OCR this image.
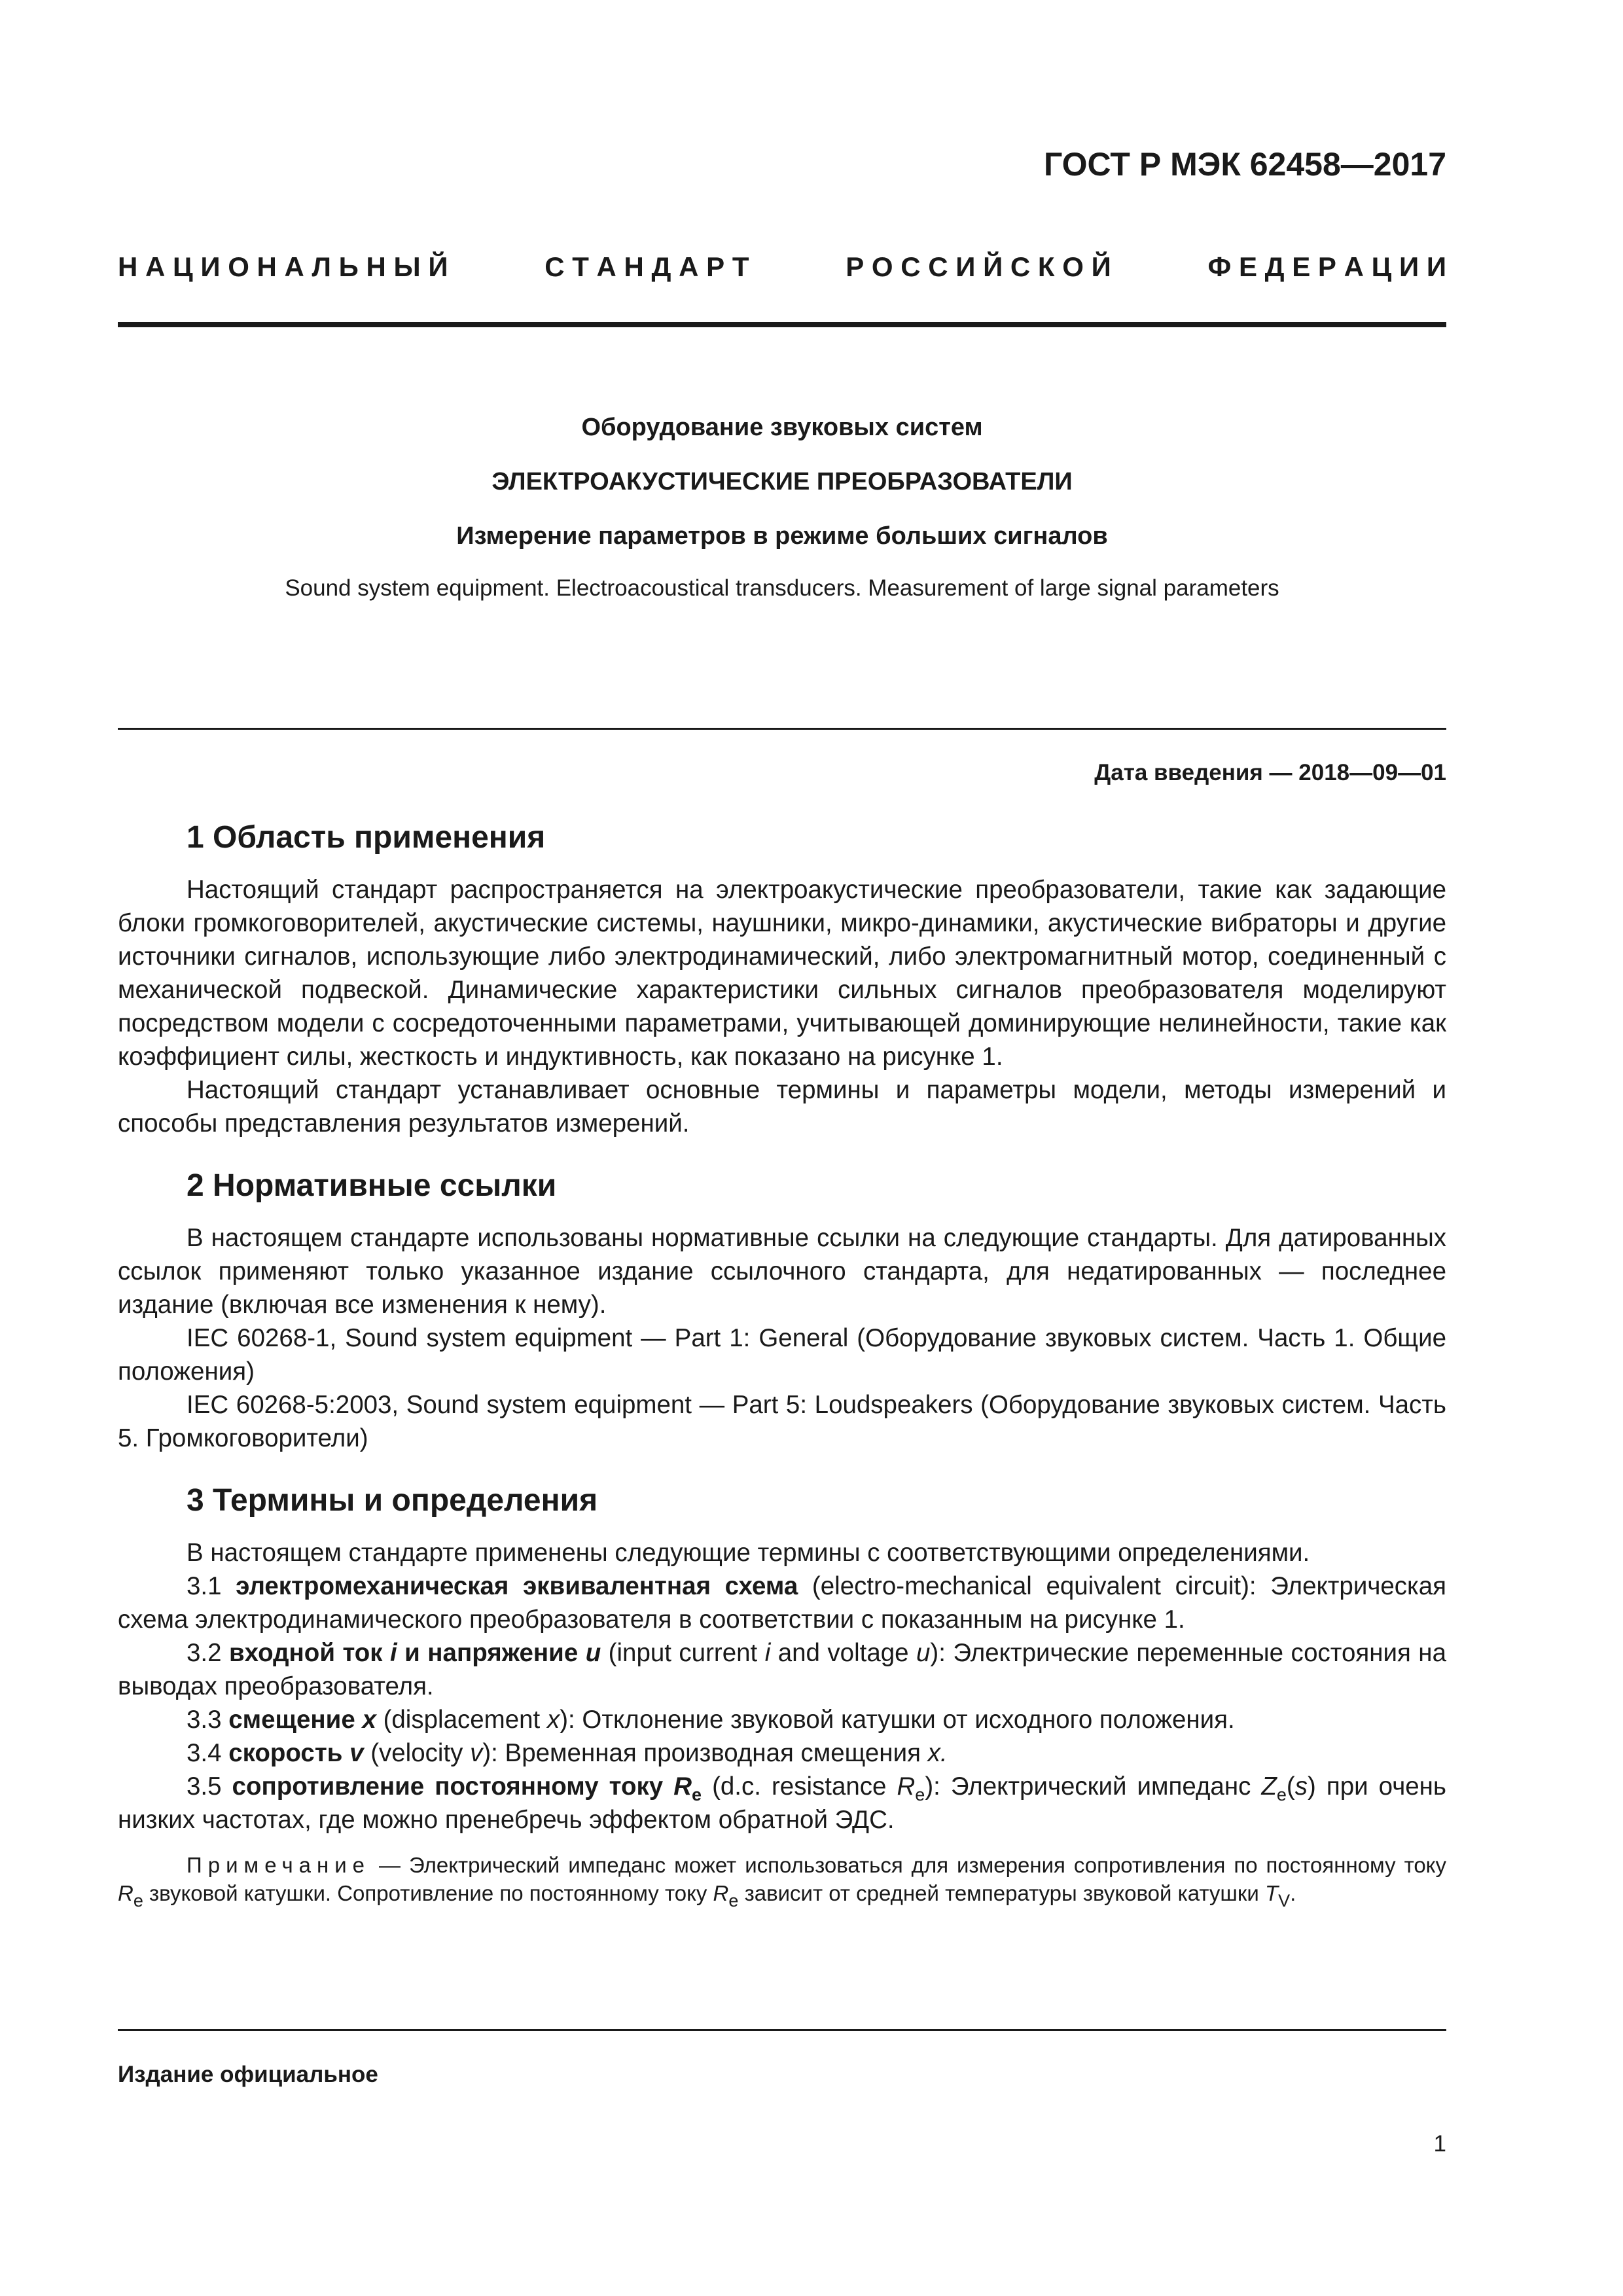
ГОСТ Р МЭК 62458—2017
Н А Ц И О Н А Л Ь Н Ы Й	С Т А Н Д А Р Т	Р О С С И Й С К О Й	Ф Е Д Е Р А Ц И И
Оборудование звуковых систем
ЭЛЕКТРОАКУСТИЧЕСКИЕ ПРЕОБРАЗОВАТЕЛИ
Измерение параметров в режиме больших сигналов
Sound system equipment. Electroacoustical transducers. Measurement of large signal parameters
Дата введения — 2018—09—01
1 Область применения

Настоящий стандарт распространяется на электроакустические преобразователи, такие как задающие блоки громкоговорителей, акустические системы, наушники, микро-динамики, акустические вибраторы и другие источники сигналов, использующие либо электродинамический, либо электромагнитный мотор, соединенный с механической подвеской. Динамические характеристики сильных сигналов преобразователя моделируют посредством модели с сосредоточенными параметрами, учитывающей доминирующие нелинейности, такие как коэффициент силы, жесткость и индуктивность, как показано на рисунке 1.

Настоящий стандарт устанавливает основные термины и параметры модели, методы измерений и способы представления результатов измерений.

2 Нормативные ссылки

В настоящем стандарте использованы нормативные ссылки на следующие стандарты. Для датированных ссылок применяют только указанное издание ссылочного стандарта, для недатированных — последнее издание (включая все изменения к нему).

IEC 60268-1, Sound system equipment — Part 1: General (Оборудование звуковых систем. Часть 1. Общие положения)

IEC 60268-5:2003, Sound system equipment — Part 5: Loudspeakers (Оборудование звуковых систем. Часть 5. Громкоговорители)

3 Термины и определения

В настоящем стандарте применены следующие термины с соответствующими определениями.

3.1 электромеханическая эквивалентная схема (electro-mechanical equivalent circuit): Электрическая схема электродинамического преобразователя в соответствии с показанным на рисунке 1.

3.2 входной ток i и напряжение u (input current i and voltage u): Электрические переменные состояния на выводах преобразователя.

3.3 смещение x (displacement x): Отклонение звуковой катушки от исходного положения.

3.4 скорость v (velocity v): Временная производная смещения x.

3.5 сопротивление постоянному току $R_e$ (d.c. resistance $R_e$): Электрический импеданс $Z_e(s)$ при очень низких частотах, где можно пренебречь эффектом обратной ЭДС.

Примечание — Электрический импеданс может использоваться для измерения сопротивления по постоянному току $R_e$ звуковой катушки. Сопротивление по постоянному току $R_e$ зависит от средней температуры звуковой катушки $T_V$.

Издание официальное
1
